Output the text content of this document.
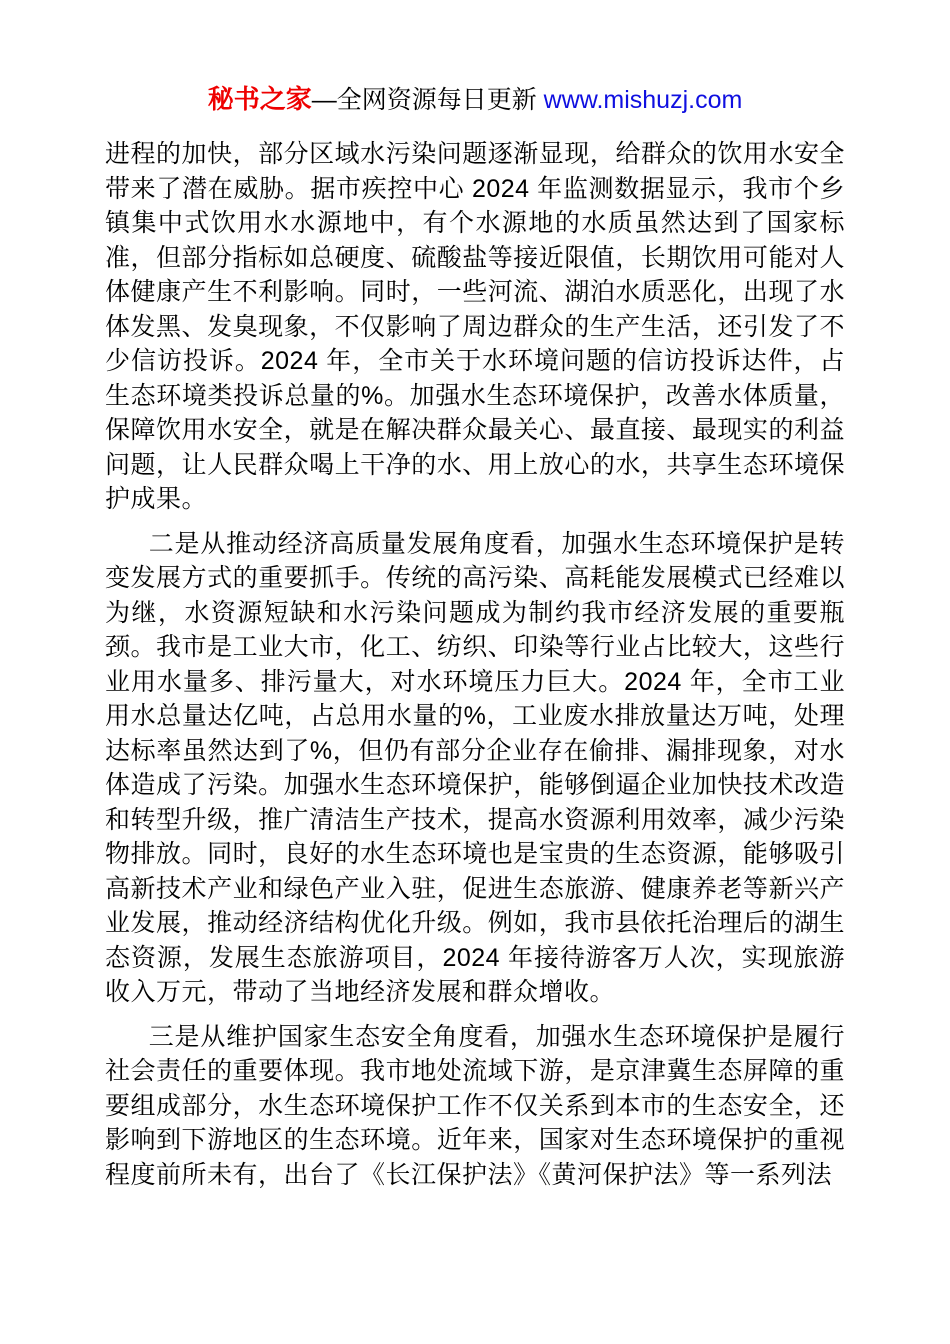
秘书之家—全网资源每日更新 www.mishuzj.com

进程的加快，部分区域水污染问题逐渐显现，给群众的饮用水安全带来了潜在威胁。据市疾控中心 2024 年监测数据显示，我市个乡镇集中式饮用水水源地中，有个水源地的水质虽然达到了国家标准，但部分指标如总硬度、硫酸盐等接近限值，长期饮用可能对人体健康产生不利影响。同时，一些河流、湖泊水质恶化，出现了水体发黑、发臭现象，不仅影响了周边群众的生产生活，还引发了不少信访投诉。2024 年，全市关于水环境问题的信访投诉达件，占生态环境类投诉总量的%。加强水生态环境保护，改善水体质量，保障饮用水安全，就是在解决群众最关心、最直接、最现实的利益问题，让人民群众喝上干净的水、用上放心的水，共享生态环境保护成果。

二是从推动经济高质量发展角度看，加强水生态环境保护是转变发展方式的重要抓手。传统的高污染、高耗能发展模式已经难以为继，水资源短缺和水污染问题成为制约我市经济发展的重要瓶颈。我市是工业大市，化工、纺织、印染等行业占比较大，这些行业用水量多、排污量大，对水环境压力巨大。2024 年，全市工业用水总量达亿吨，占总用水量的%，工业废水排放量达万吨，处理达标率虽然达到了%，但仍有部分企业存在偷排、漏排现象，对水体造成了污染。加强水生态环境保护，能够倒逼企业加快技术改造和转型升级，推广清洁生产技术，提高水资源利用效率，减少污染物排放。同时，良好的水生态环境也是宝贵的生态资源，能够吸引高新技术产业和绿色产业入驻，促进生态旅游、健康养老等新兴产业发展，推动经济结构优化升级。例如，我市县依托治理后的湖生态资源，发展生态旅游项目，2024 年接待游客万人次，实现旅游收入万元，带动了当地经济发展和群众增收。

三是从维护国家生态安全角度看，加强水生态环境保护是履行社会责任的重要体现。我市地处流域下游，是京津冀生态屏障的重要组成部分，水生态环境保护工作不仅关系到本市的生态安全，还影响到下游地区的生态环境。近年来，国家对生态环境保护的重视程度前所未有，出台了《长江保护法》《黄河保护法》等一系列法
